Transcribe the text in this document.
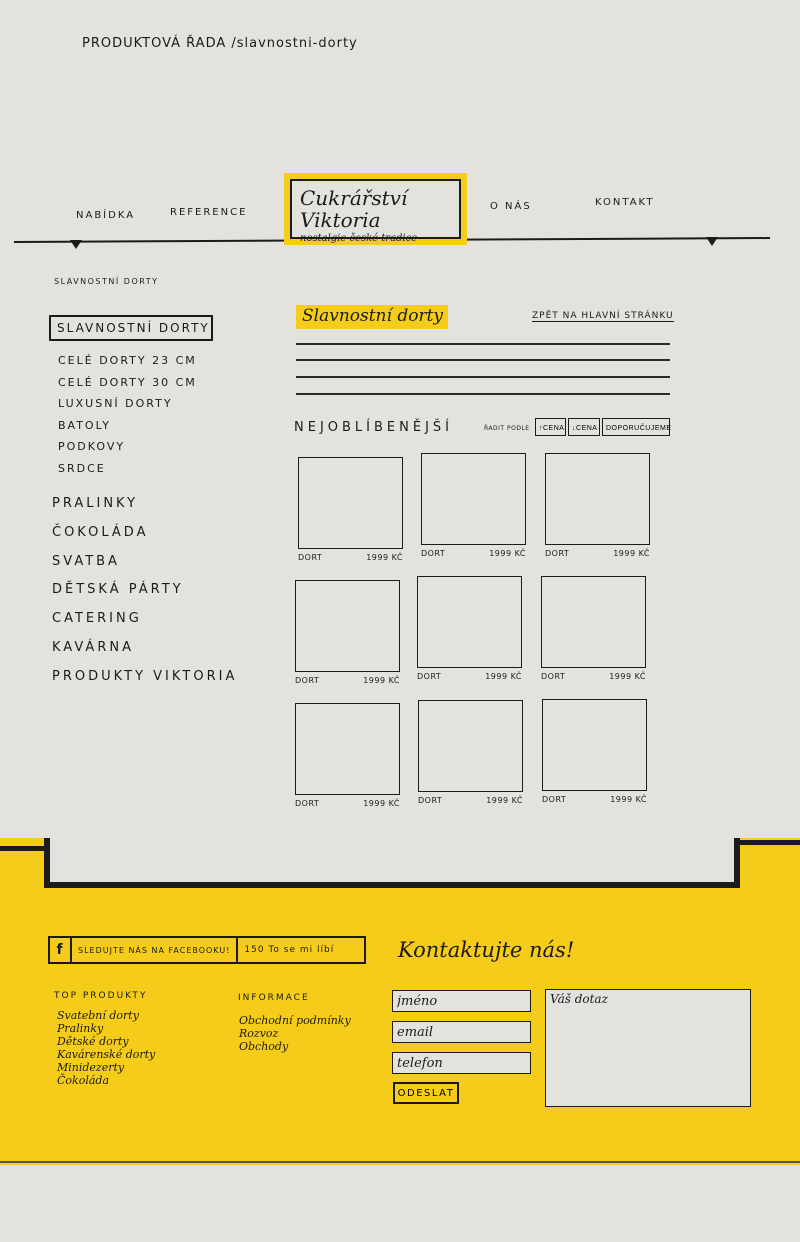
PRODUKTOVÁ ŘADA /slavnostni-dorty
NABÍDKA	REFERENCE
O NÁS	KONTAKT
Cukrářství Viktoria
nostalgie české tradice
SLAVNOSTNÍ DORTY
SLAVNOSTNÍ DORTY
CELÉ DORTY 23 CM
CELÉ DORTY 30 CM
LUXUSNÍ DORTY
BATOLY
PODKOVY
SRDCE
PRALINKY
ČOKOLÁDA
SVATBA
DĚTSKÁ PÁRTY
CATERING
KAVÁRNA
PRODUKTY VIKTORIA
Slavnostní dorty	ZPĚT NA HLAVNÍ STRÁNKU
NEJOBLÍBENĚJŠÍ	ŘADIT PODLE	↑CENA	↓CENA	DOPORUČUJEME
DORT	1999 KČ DORT	1999 KČ DORT	1999 KČ
DORT	1999 KČ DORT	1999 KČ DORT	1999 KČ
DORT	1999 KČ DORT	1999 KČ DORT	1999 KČ
f	SLEDUJTE NÁS NA FACEBOOKU!	150 To se mi líbí
TOP PRODUKTY
Svatební dorty
Pralinky
Dětské dorty
Kavárenské dorty
Minidezerty
Čokoláda
INFORMACE
Obchodní podmínky
Rozvoz
Obchody
Kontaktujte nás!
jméno
email
telefon
ODESLAT
Váš dotaz
